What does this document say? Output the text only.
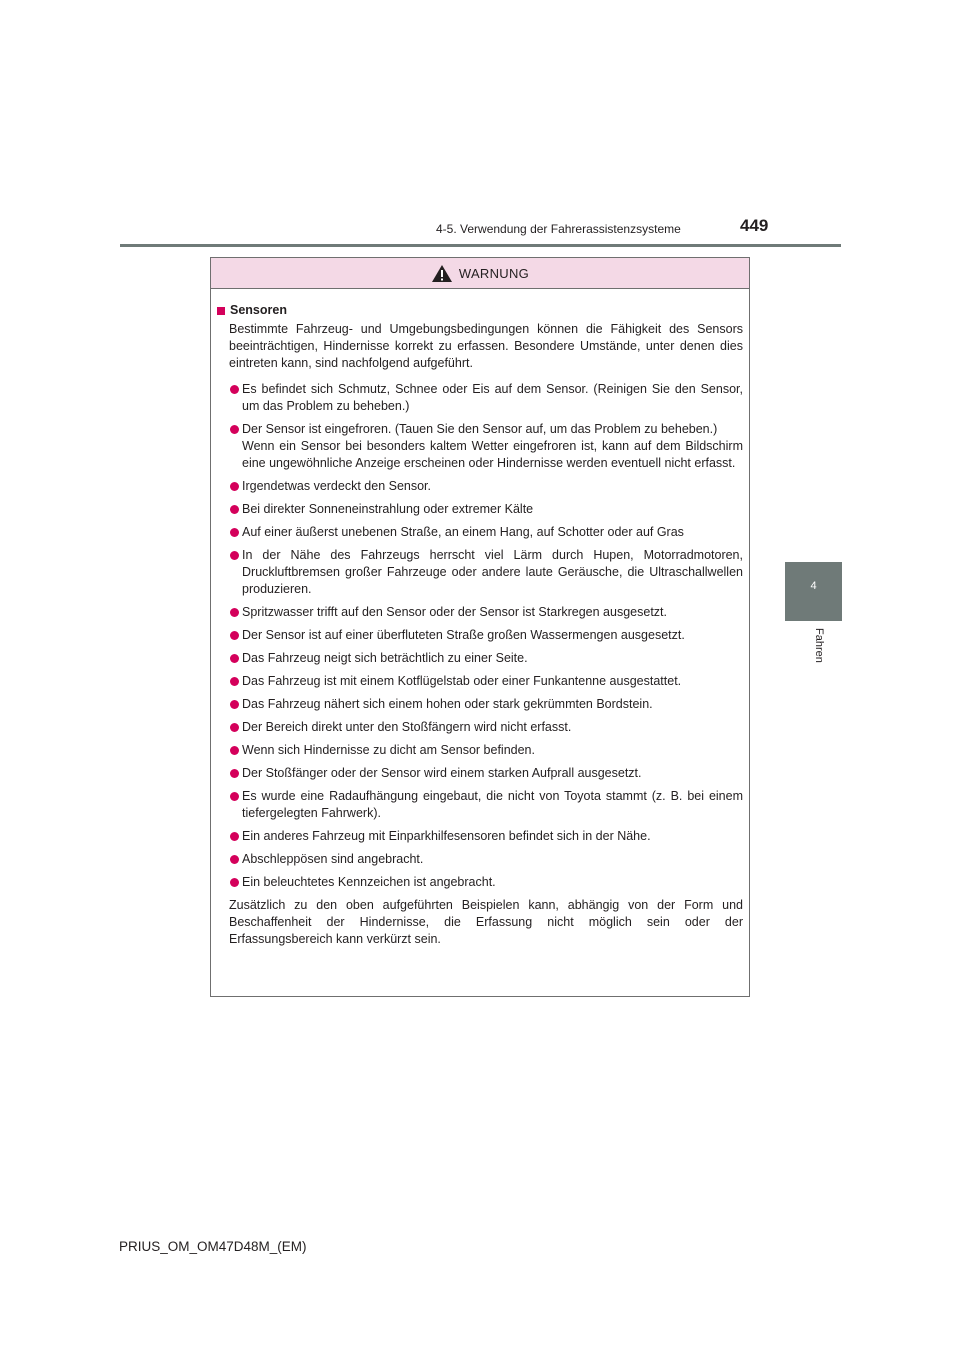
4-5. Verwendung der Fahrerassistenzsysteme	449
4
Fahren
WARNUNG
Sensoren

Bestimmte Fahrzeug- und Umgebungsbedingungen können die Fähigkeit des Sensors beeinträchtigen, Hindernisse korrekt zu erfassen. Besondere Umstände, unter denen dies eintreten kann, sind nachfolgend aufgeführt.

Es befindet sich Schmutz, Schnee oder Eis auf dem Sensor. (Reinigen Sie den Sensor, um das Problem zu beheben.)
Der Sensor ist eingefroren. (Tauen Sie den Sensor auf, um das Problem zu beheben.)
Wenn ein Sensor bei besonders kaltem Wetter eingefroren ist, kann auf dem Bildschirm eine ungewöhnliche Anzeige erscheinen oder Hindernisse werden eventuell nicht erfasst.
Irgendetwas verdeckt den Sensor.
Bei direkter Sonneneinstrahlung oder extremer Kälte
Auf einer äußerst unebenen Straße, an einem Hang, auf Schotter oder auf Gras
In der Nähe des Fahrzeugs herrscht viel Lärm durch Hupen, Motorradmotoren, Druckluftbremsen großer Fahrzeuge oder andere laute Geräusche, die Ultraschallwellen produzieren.
Spritzwasser trifft auf den Sensor oder der Sensor ist Starkregen ausgesetzt.
Der Sensor ist auf einer überfluteten Straße großen Wassermengen ausgesetzt.
Das Fahrzeug neigt sich beträchtlich zu einer Seite.
Das Fahrzeug ist mit einem Kotflügelstab oder einer Funkantenne ausgestattet.
Das Fahrzeug nähert sich einem hohen oder stark gekrümmten Bordstein.
Der Bereich direkt unter den Stoßfängern wird nicht erfasst.
Wenn sich Hindernisse zu dicht am Sensor befinden.
Der Stoßfänger oder der Sensor wird einem starken Aufprall ausgesetzt.
Es wurde eine Radaufhängung eingebaut, die nicht von Toyota stammt (z. B. bei einem tiefergelegten Fahrwerk).
Ein anderes Fahrzeug mit Einparkhilfesensoren befindet sich in der Nähe.
Abschleppösen sind angebracht.
Ein beleuchtetes Kennzeichen ist angebracht.

Zusätzlich zu den oben aufgeführten Beispielen kann, abhängig von der Form und Beschaffenheit der Hindernisse, die Erfassung nicht möglich sein oder der Erfassungsbereich kann verkürzt sein.

PRIUS_OM_OM47D48M_(EM)
